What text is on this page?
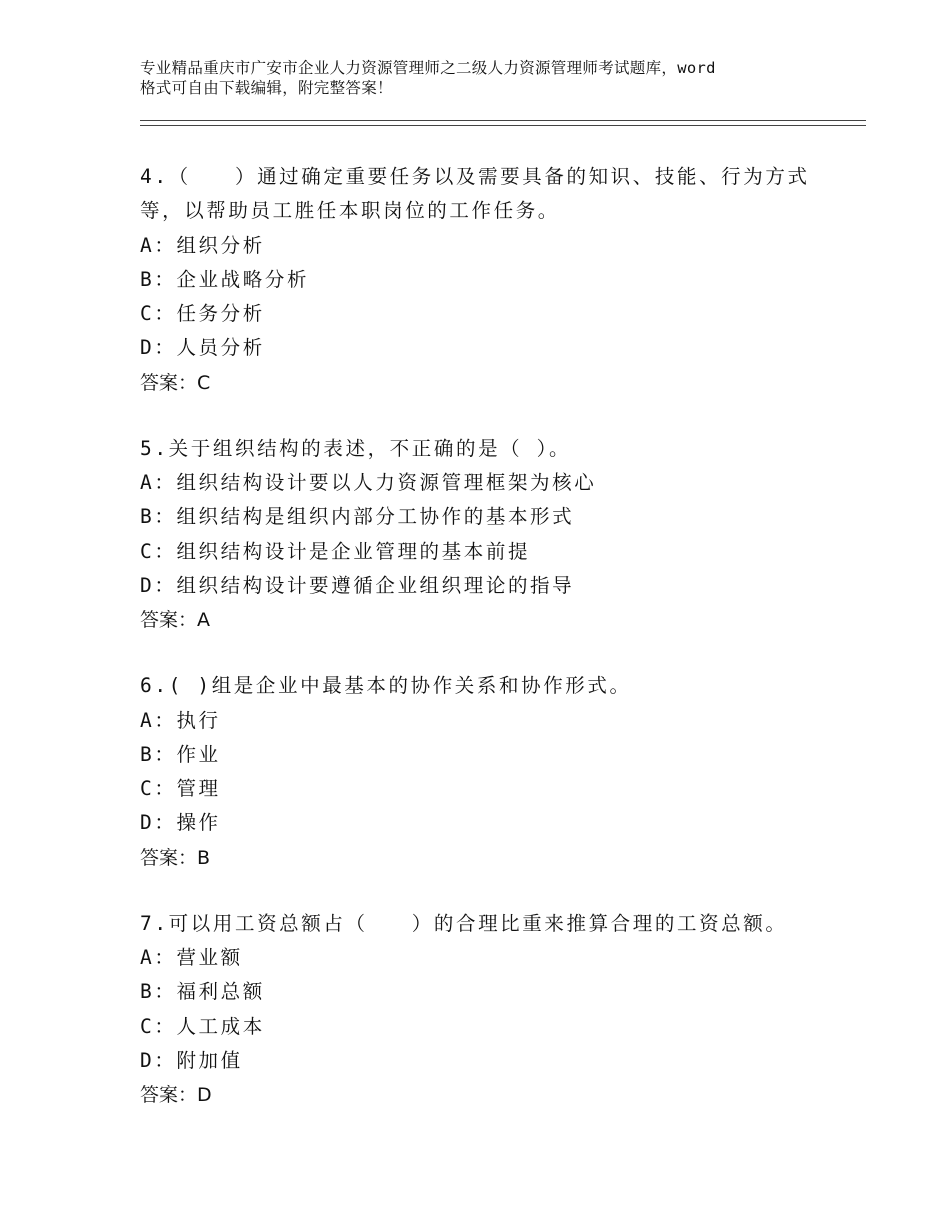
专业精品重庆市广安市企业人力资源管理师之二级人力资源管理师考试题库，word
格式可自由下载编辑，附完整答案！
4.（　　）通过确定重要任务以及需要具备的知识、技能、行为方式
等，以帮助员工胜任本职岗位的工作任务。
A：组织分析
B：企业战略分析
C：任务分析
D：人员分析
答案：C
5.关于组织结构的表述，不正确的是（ ）。
A：组织结构设计要以人力资源管理框架为核心
B：组织结构是组织内部分工协作的基本形式
C：组织结构设计是企业管理的基本前提
D：组织结构设计要遵循企业组织理论的指导
答案：A
6.( )组是企业中最基本的协作关系和协作形式。
A：执行
B：作业
C：管理
D：操作
答案：B
7.可以用工资总额占（　　）的合理比重来推算合理的工资总额。
A：营业额
B：福利总额
C：人工成本
D：附加值
答案：D
